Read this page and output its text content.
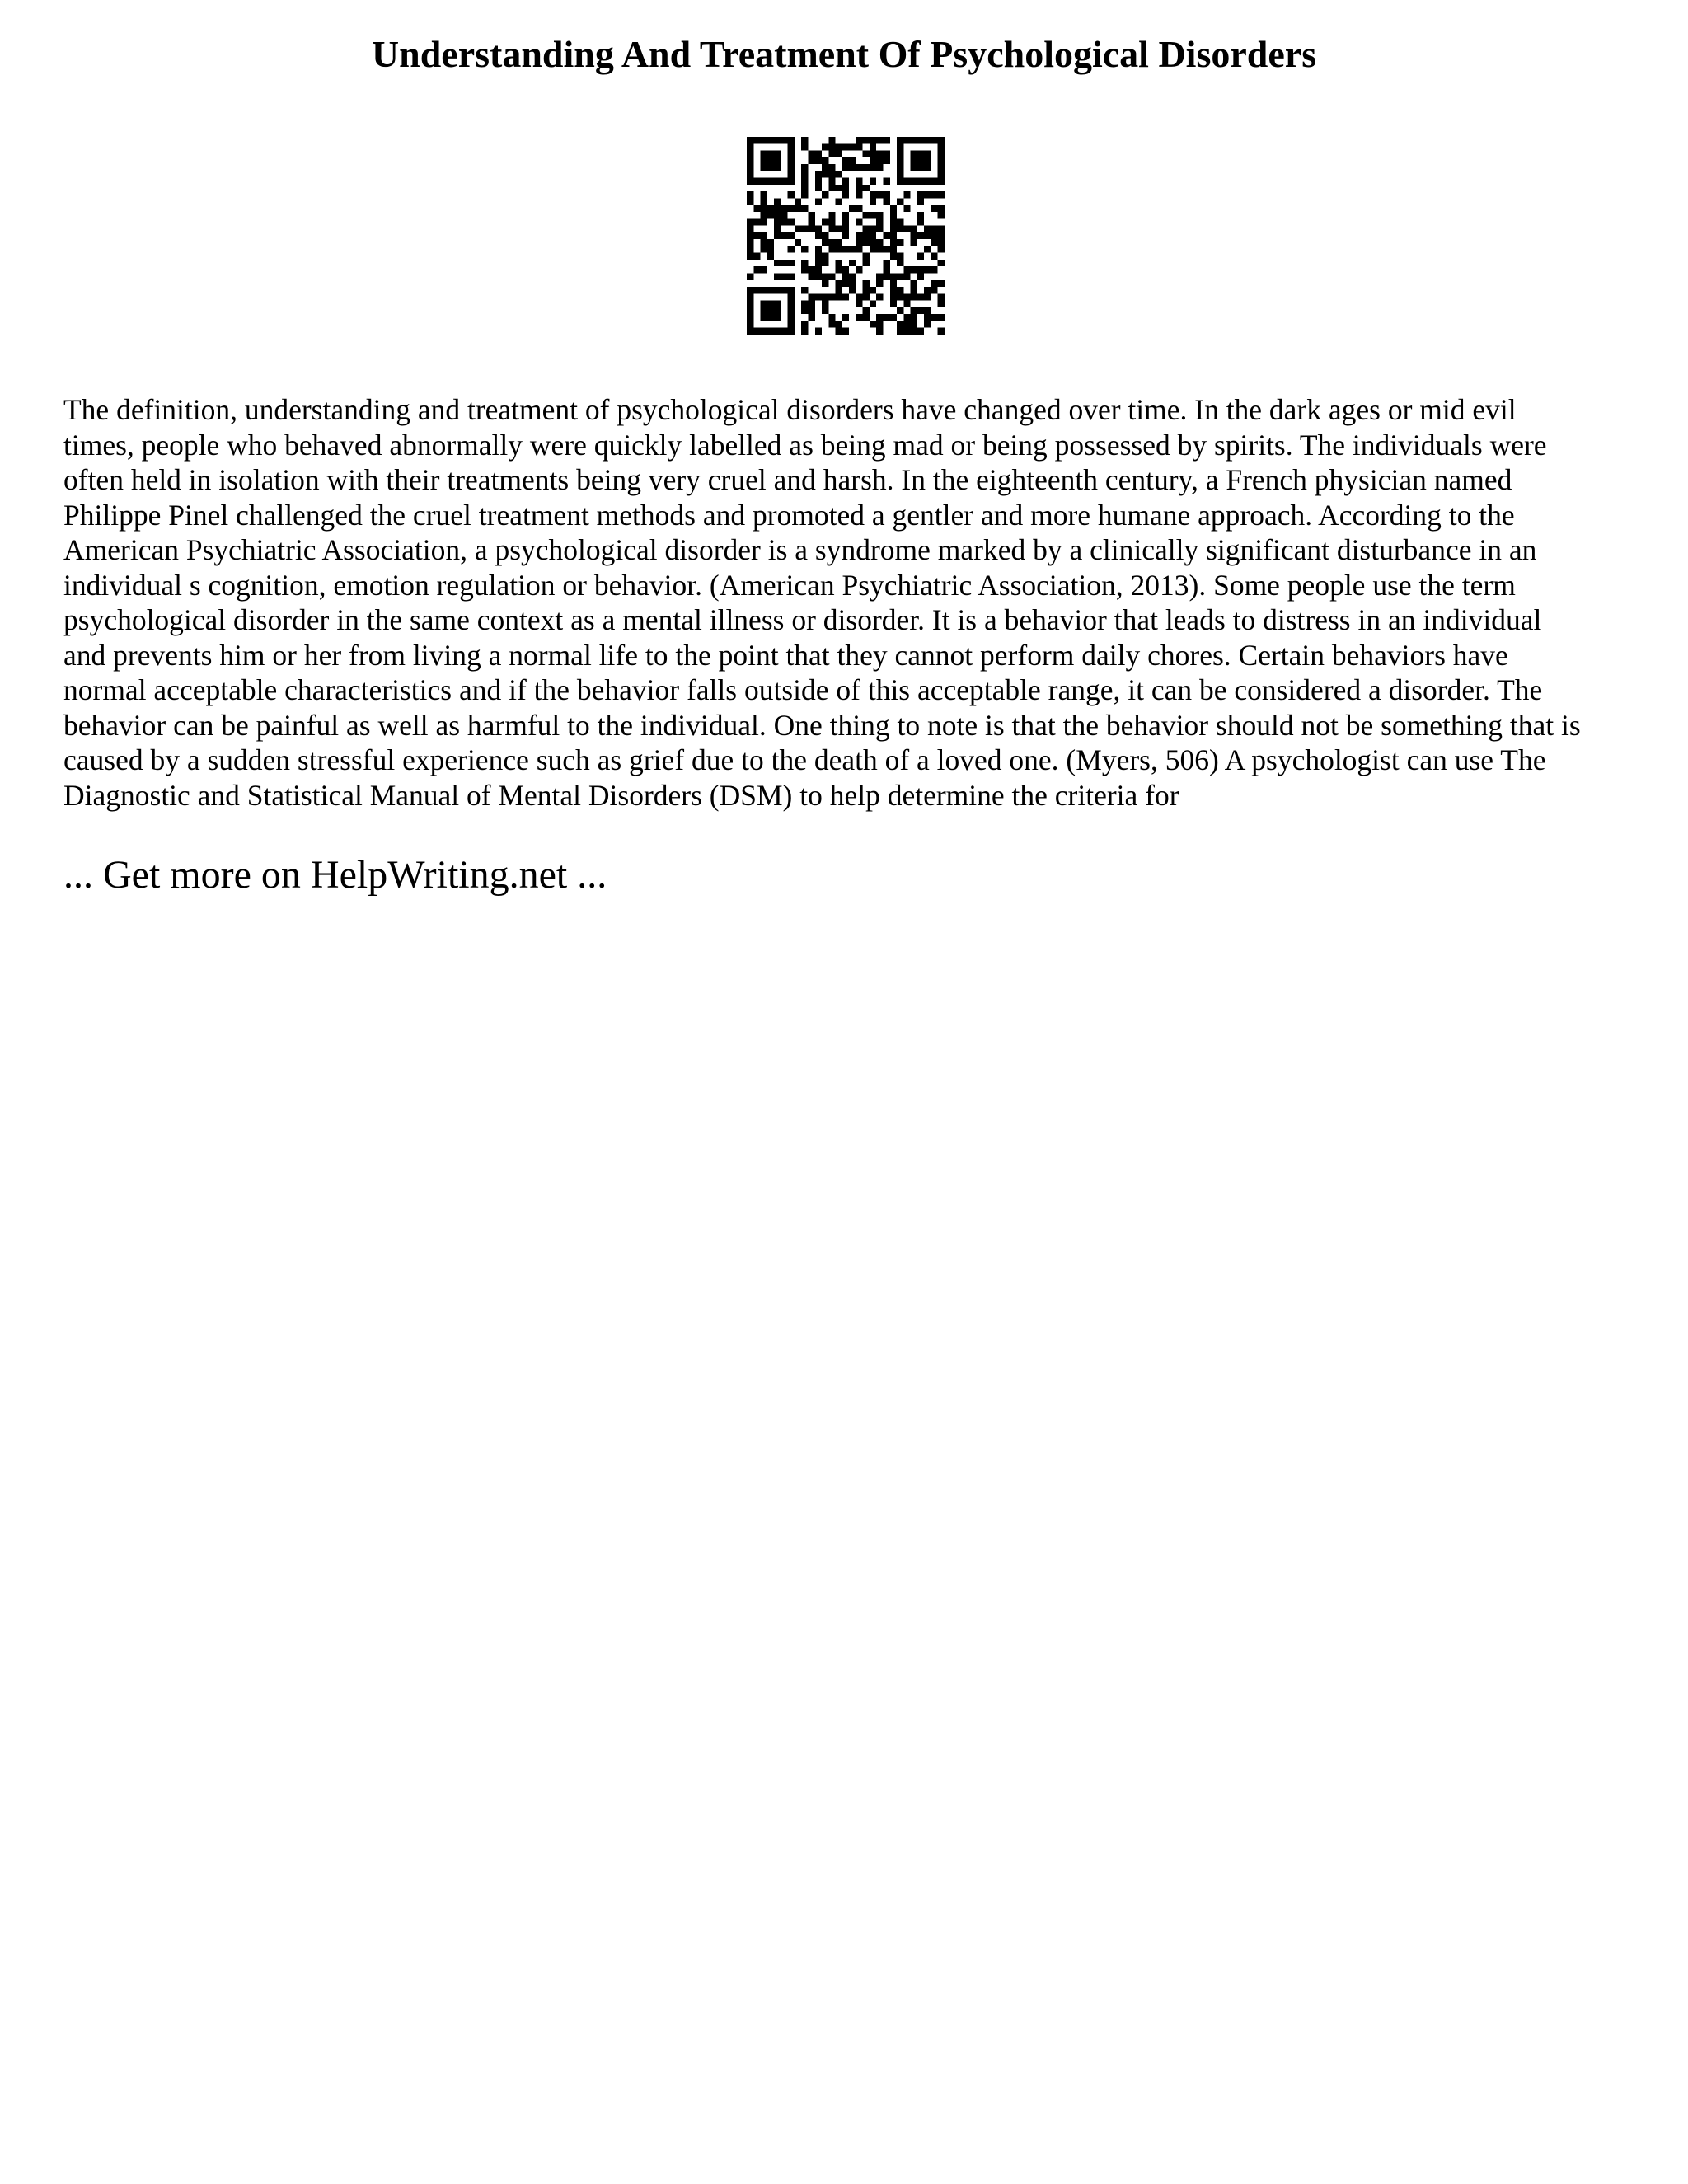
Understanding And Treatment Of Psychological Disorders

The definition, understanding and treatment of psychological disorders have changed over time. In the dark ages or mid evil
times, people who behaved abnormally were quickly labelled as being mad or being possessed by spirits. The individuals were
often held in isolation with their treatments being very cruel and harsh. In the eighteenth century, a French physician named
Philippe Pinel challenged the cruel treatment methods and promoted a gentler and more humane approach. According to the
American Psychiatric Association, a psychological disorder is a syndrome marked by a clinically significant disturbance in an
individual s cognition, emotion regulation or behavior. (American Psychiatric Association, 2013). Some people use the term
psychological disorder in the same context as a mental illness or disorder. It is a behavior that leads to distress in an individual
and prevents him or her from living a normal life to the point that they cannot perform daily chores. Certain behaviors have
normal acceptable characteristics and if the behavior falls outside of this acceptable range, it can be considered a disorder. The
behavior can be painful as well as harmful to the individual. One thing to note is that the behavior should not be something that is
caused by a sudden stressful experience such as grief due to the death of a loved one. (Myers, 506) A psychologist can use The
Diagnostic and Statistical Manual of Mental Disorders (DSM) to help determine the criteria for

... Get more on HelpWriting.net ...
